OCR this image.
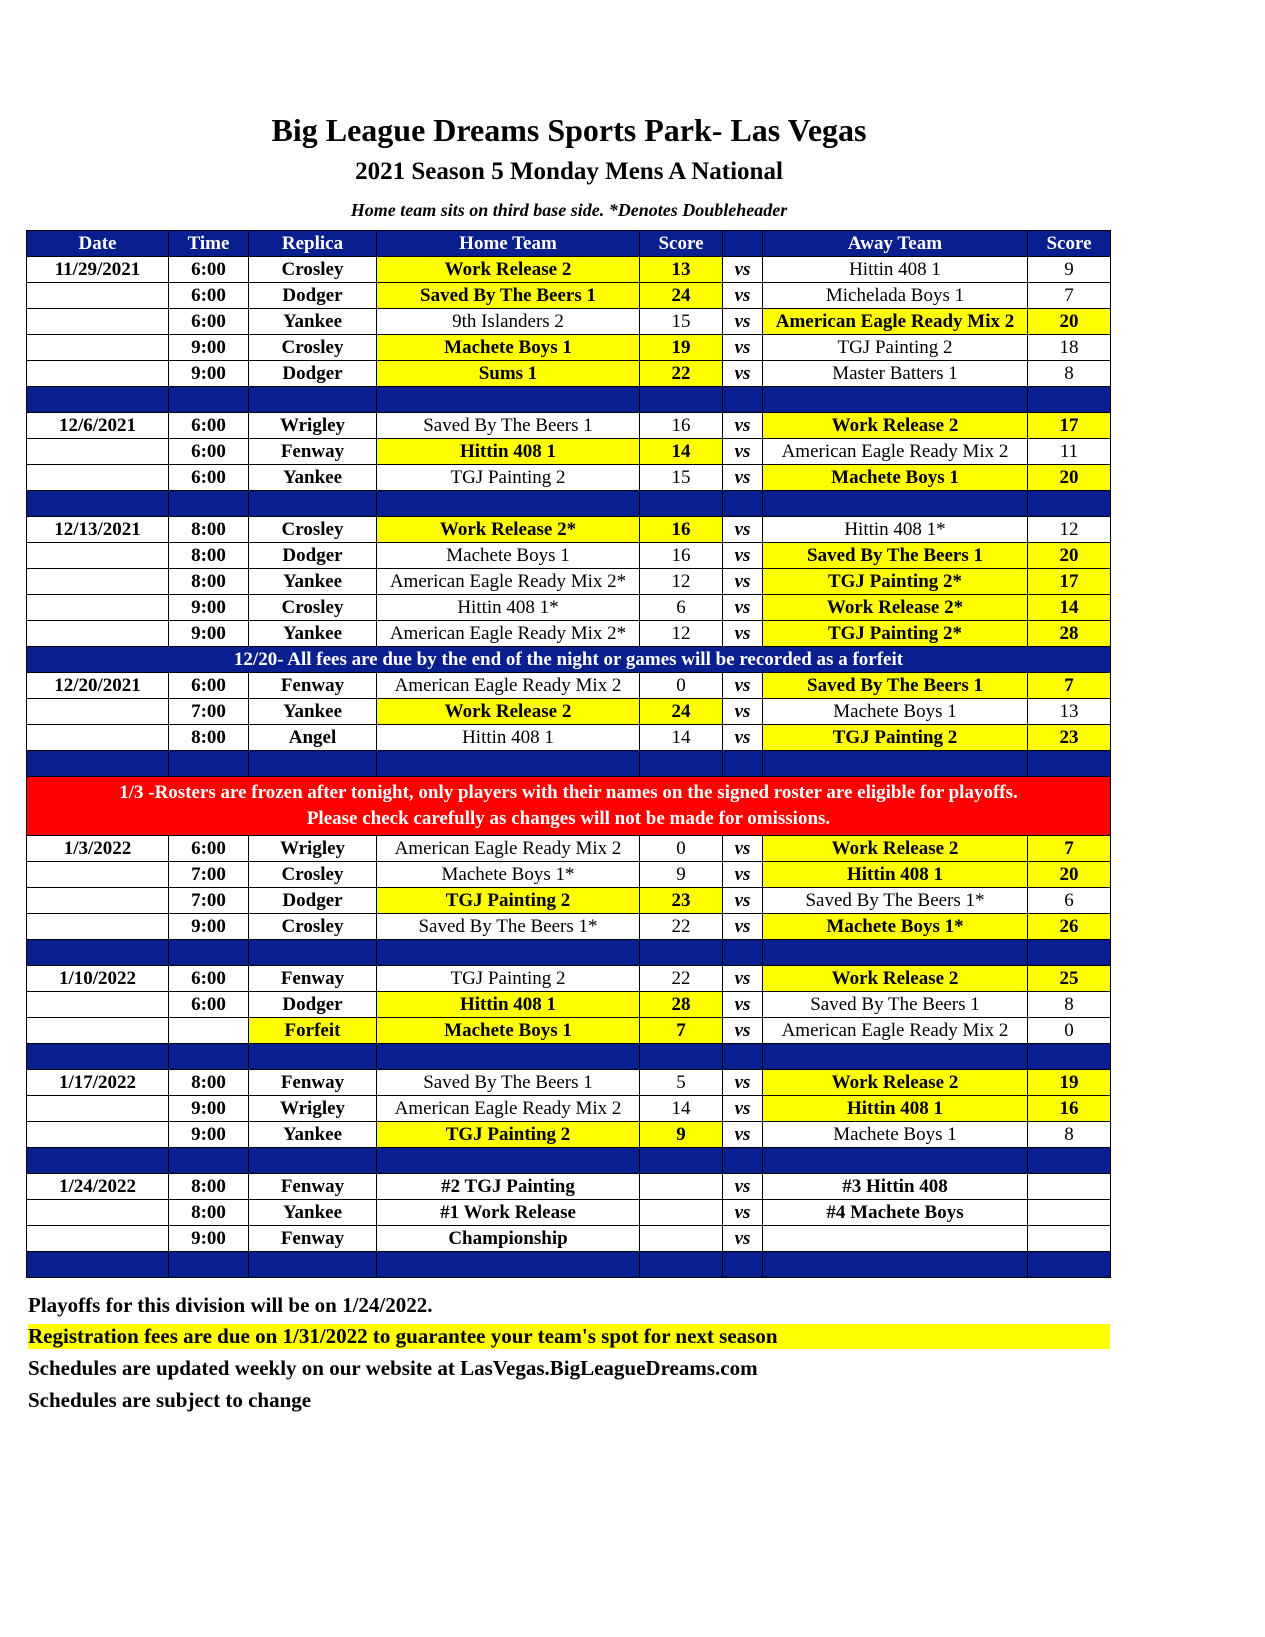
Big League Dreams Sports Park- Las Vegas
2021 Season 5 Monday Mens A National
Home team sits on third base side. *Denotes Doubleheader
Date	Time	Replica	Home Team	Score		Away Team	Score
11/29/2021	6:00	Crosley	Work Release 2	13	vs	Hittin 408 1	9
	6:00	Dodger	Saved By The Beers 1	24	vs	Michelada Boys 1	7
	6:00	Yankee	9th Islanders 2	15	vs	American Eagle Ready Mix 2	20
	9:00	Crosley	Machete Boys 1	19	vs	TGJ Painting 2	18
	9:00	Dodger	Sums 1	22	vs	Master Batters 1	8

12/6/2021	6:00	Wrigley	Saved By The Beers 1	16	vs	Work Release 2	17
	6:00	Fenway	Hittin 408 1	14	vs	American Eagle Ready Mix 2	11
	6:00	Yankee	TGJ Painting 2	15	vs	Machete Boys 1	20

12/13/2021	8:00	Crosley	Work Release 2*	16	vs	Hittin 408 1*	12
	8:00	Dodger	Machete Boys 1	16	vs	Saved By The Beers 1	20
	8:00	Yankee	American Eagle Ready Mix 2*	12	vs	TGJ Painting 2*	17
	9:00	Crosley	Hittin 408 1*	6	vs	Work Release 2*	14
	9:00	Yankee	American Eagle Ready Mix 2*	12	vs	TGJ Painting 2*	28
12/20- All fees are due by the end of the night or games will be recorded as a forfeit							
12/20/2021	6:00	Fenway	American Eagle Ready Mix 2	0	vs	Saved By The Beers 1	7
	7:00	Yankee	Work Release 2	24	vs	Machete Boys 1	13
	8:00	Angel	Hittin 408 1	14	vs	TGJ Painting 2	23

1/3 -Rosters are frozen after tonight, only players with their names on the signed roster are eligible for playoffs.
Please check carefully as changes will not be made for omissions.							

1/3/2022	6:00	Wrigley	American Eagle Ready Mix 2	0	vs	Work Release 2	7
	7:00	Crosley	Machete Boys 1*	9	vs	Hittin 408 1	20
	7:00	Dodger	TGJ Painting 2	23	vs	Saved By The Beers 1*	6
	9:00	Crosley	Saved By The Beers 1*	22	vs	Machete Boys 1*	26

1/10/2022	6:00	Fenway	TGJ Painting 2	22	vs	Work Release 2	25
	6:00	Dodger	Hittin 408 1	28	vs	Saved By The Beers 1	8
		Forfeit	Machete Boys 1	7	vs	American Eagle Ready Mix 2	0

1/17/2022	8:00	Fenway	Saved By The Beers 1	5	vs	Work Release 2	19
	9:00	Wrigley	American Eagle Ready Mix 2	14	vs	Hittin 408 1	16
	9:00	Yankee	TGJ Painting 2	9	vs	Machete Boys 1	8

1/24/2022	8:00	Fenway	#2 TGJ Painting		vs	#3 Hittin 408	
	8:00	Yankee	#1 Work Release		vs	#4 Machete Boys	
	9:00	Fenway	Championship		vs		

Playoffs for this division will be on 1/24/2022.
Registration fees are due on 1/31/2022 to guarantee your team's spot for next season
Schedules are updated weekly on our website at LasVegas.BigLeagueDreams.com
Schedules are subject to change
